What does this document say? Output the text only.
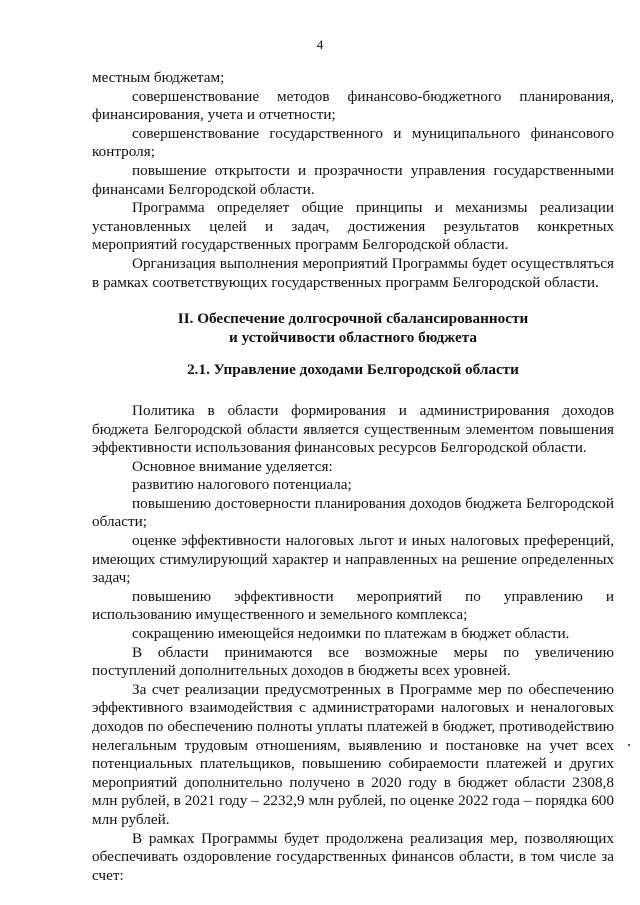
4

местным бюджетам;

совершенствование методов финансово-бюджетного планирования, финансирования, учета и отчетности;

совершенствование государственного и муниципального финансового контроля;

повышение открытости и прозрачности управления государственными финансами Белгородской области.

Программа определяет общие принципы и механизмы реализации установленных целей и задач, достижения результатов конкретных мероприятий государственных программ Белгородской области.

Организация выполнения мероприятий Программы будет осуществляться в рамках соответствующих государственных программ Белгородской области.

II. Обеспечение долгосрочной сбалансированности

и устойчивости областного бюджета

2.1. Управление доходами Белгородской области

Политика в области формирования и администрирования доходов бюджета Белгородской области является существенным элементом повышения эффективности использования финансовых ресурсов Белгородской области.

Основное внимание уделяется:

развитию налогового потенциала;

повышению достоверности планирования доходов бюджета Белгородской области;

оценке эффективности налоговых льгот и иных налоговых преференций, имеющих стимулирующий характер и направленных на решение определенных задач;

повышению эффективности мероприятий по управлению и использованию имущественного и земельного комплекса;

сокращению имеющейся недоимки по платежам в бюджет области.

В области принимаются все возможные меры по увеличению поступлений дополнительных доходов в бюджеты всех уровней.

За счет реализации предусмотренных в Программе мер по обеспечению эффективного взаимодействия с администраторами налоговых и неналоговых доходов по обеспечению полноты уплаты платежей в бюджет, противодействию нелегальным трудовым отношениям, выявлению и постановке на учет всех потенциальных плательщиков, повышению собираемости платежей и других мероприятий дополнительно получено в 2020 году в бюджет области 2308,8 млн рублей, в 2021 году – 2232,9 млн рублей, по оценке 2022 года – порядка 600 млн рублей.

В рамках Программы будет продолжена реализация мер, позволяющих обеспечивать оздоровление государственных финансов области, в том числе за счет:
